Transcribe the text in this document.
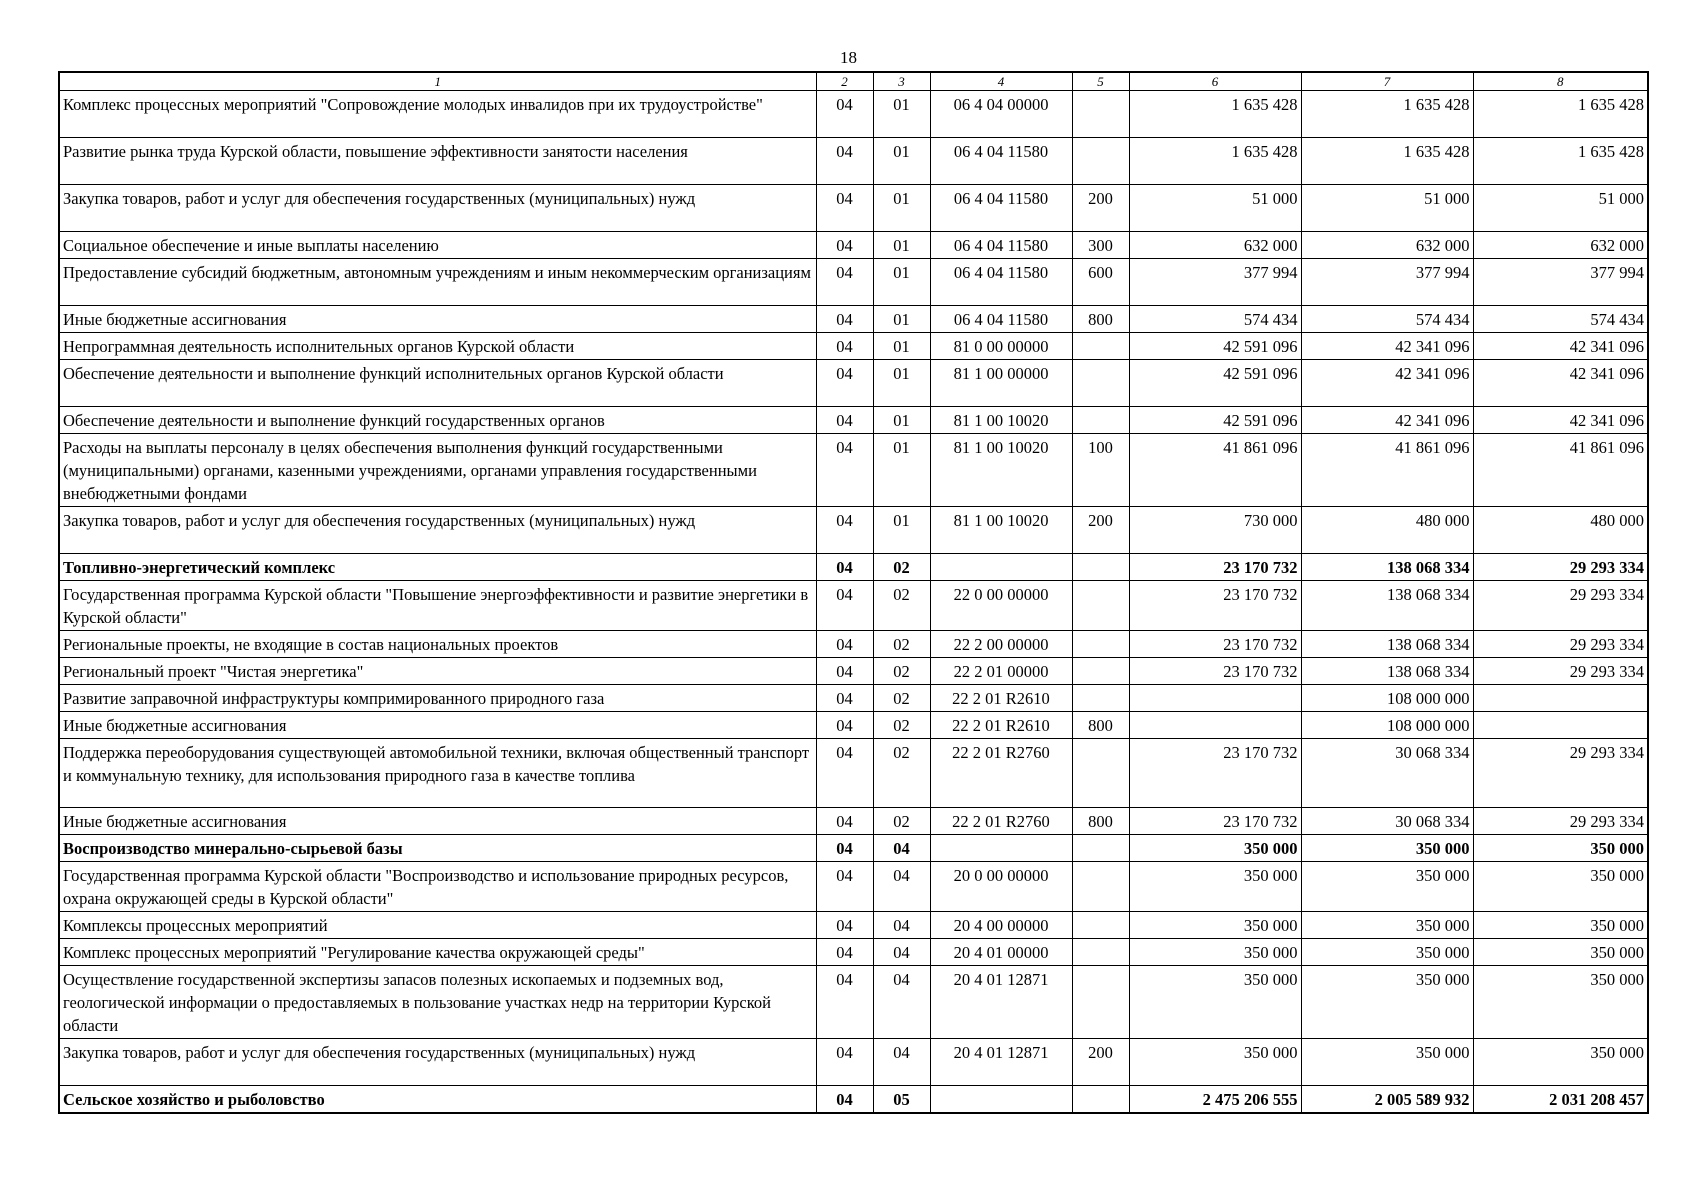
18
1	2	3	4	5	6	7	8
Комплекс процессных мероприятий "Сопровождение молодых инвалидов при их трудоустройстве"	04	01	06 4 04 00000		1 635 428	1 635 428	1 635 428
Развитие рынка труда Курской области, повышение эффективности занятости населения	04	01	06 4 04 11580		1 635 428	1 635 428	1 635 428
Закупка товаров, работ и услуг для обеспечения государственных (муниципальных) нужд	04	01	06 4 04 11580	200	51 000	51 000	51 000
Социальное обеспечение и иные выплаты населению	04	01	06 4 04 11580	300	632 000	632 000	632 000
Предоставление субсидий бюджетным, автономным учреждениям и иным некоммерческим организациям	04	01	06 4 04 11580	600	377 994	377 994	377 994
Иные бюджетные ассигнования	04	01	06 4 04 11580	800	574 434	574 434	574 434
Непрограммная деятельность исполнительных органов Курской области	04	01	81 0 00 00000		42 591 096	42 341 096	42 341 096
Обеспечение деятельности и выполнение функций исполнительных органов Курской области	04	01	81 1 00 00000		42 591 096	42 341 096	42 341 096
Обеспечение деятельности и выполнение функций государственных органов	04	01	81 1 00 10020		42 591 096	42 341 096	42 341 096
Расходы на выплаты персоналу в целях обеспечения выполнения функций государственными (муниципальными) органами, казенными учреждениями, органами управления государственными внебюджетными фондами	04	01	81 1 00 10020	100	41 861 096	41 861 096	41 861 096
Закупка товаров, работ и услуг для обеспечения государственных (муниципальных) нужд	04	01	81 1 00 10020	200	730 000	480 000	480 000
Топливно-энергетический комплекс	04	02			23 170 732	138 068 334	29 293 334
Государственная программа Курской области "Повышение энергоэффективности и развитие энергетики в Курской области"	04	02	22 0 00 00000		23 170 732	138 068 334	29 293 334
Региональные проекты, не входящие в состав национальных проектов	04	02	22 2 00 00000		23 170 732	138 068 334	29 293 334
Региональный проект "Чистая энергетика"	04	02	22 2 01 00000		23 170 732	138 068 334	29 293 334
Развитие заправочной инфраструктуры компримированного природного газа	04	02	22 2 01 R2610			108 000 000	
Иные бюджетные ассигнования	04	02	22 2 01 R2610	800		108 000 000	
Поддержка переоборудования существующей автомобильной техники, включая общественный транспорт и коммунальную технику, для использования природного газа в качестве топлива	04	02	22 2 01 R2760		23 170 732	30 068 334	29 293 334
Иные бюджетные ассигнования	04	02	22 2 01 R2760	800	23 170 732	30 068 334	29 293 334
Воспроизводство минерально-сырьевой базы	04	04			350 000	350 000	350 000
Государственная программа Курской области "Воспроизводство и использование природных ресурсов, охрана окружающей среды в Курской области"	04	04	20 0 00 00000		350 000	350 000	350 000
Комплексы процессных мероприятий	04	04	20 4 00 00000		350 000	350 000	350 000
Комплекс процессных мероприятий "Регулирование качества окружающей среды"	04	04	20 4 01 00000		350 000	350 000	350 000
Осуществление государственной экспертизы запасов полезных ископаемых и подземных вод, геологической информации о предоставляемых в пользование участках недр на территории Курской области	04	04	20 4 01 12871		350 000	350 000	350 000
Закупка товаров, работ и услуг для обеспечения государственных (муниципальных) нужд	04	04	20 4 01 12871	200	350 000	350 000	350 000
Сельское хозяйство и рыболовство	04	05			2 475 206 555	2 005 589 932	2 031 208 457
